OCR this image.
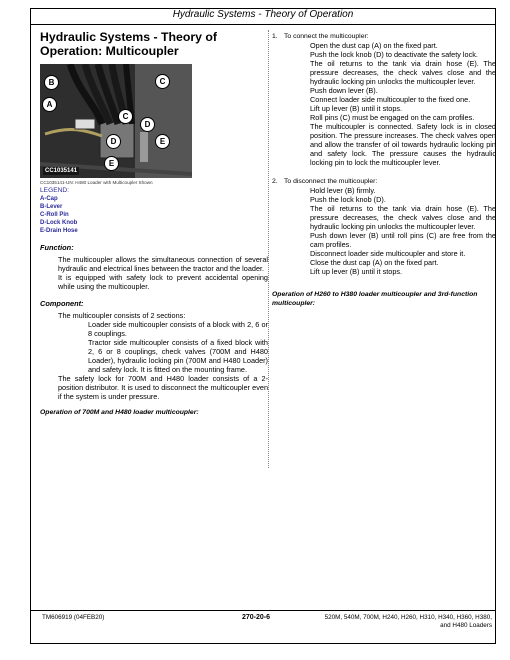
Hydraulic Systems - Theory of Operation
Hydraulic Systems - Theory of Operation: Multicoupler
B	C
A
C
D
D	E
E
CC1035141
CC1035141-UN: H480 Loader with Multicoupler Shown
LEGEND:
A-Cap
B-Lever
C-Roll Pin
D-Lock Knob
E-Drain Hose
Function:
The multicoupler allows the simultaneous connection of several hydraulic and electrical lines between the tractor and the loader.
It is equipped with safety lock to prevent accidental opening while using the multicoupler.
Component:
The multicoupler consists of 2 sections:
Loader side multicoupler consists of a block with 2, 6 or 8 couplings.
Tractor side multicoupler consists of a fixed block with 2, 6 or 8 couplings, check valves (700M and H480 Loader), hydraulic locking pin (700M and H480 Loader) and safety lock. It is fitted on the mounting frame.
The safety lock for 700M and H480 loader consists of a 2-position distributor. It is used to disconnect the multicoupler even if the system is under pressure.
Operation of 700M and H480 loader multicoupler:
1. To connect the multicoupler:
Open the dust cap (A) on the fixed part.
Push the lock knob (D) to deactivate the safety lock.
The oil returns to the tank via drain hose (E). The pressure decreases, the check valves close and the hydraulic locking pin unlocks the multicoupler lever.
Push down lever (B).
Connect loader side multicoupler to the fixed one.
Lift up lever (B) until it stops.
Roll pins (C) must be engaged on the cam profiles.
The multicoupler is connected. Safety lock is in closed position. The pressure increases. The check valves open and allow the transfer of oil towards hydraulic locking pin and safety lock. The pressure causes the hydraulic locking pin to lock the multicoupler lever.
2. To disconnect the multicoupler:
Hold lever (B) firmly.
Push the lock knob (D).
The oil returns to the tank via drain hose (E). The pressure decreases, the check valves close and the hydraulic locking pin unlocks the multicoupler lever.
Push down lever (B) until roll pins (C) are free from the cam profiles.
Disconnect loader side multicoupler and store it.
Close the dust cap (A) on the fixed part.
Lift up lever (B) until it stops.
Operation of H260 to H380 loader multicoupler and 3rd-function multicoupler:
TM606919 (04FEB20)	270-20-6	520M, 540M, 700M, H240, H260, H310, H340, H360, H380,
and H480 Loaders
